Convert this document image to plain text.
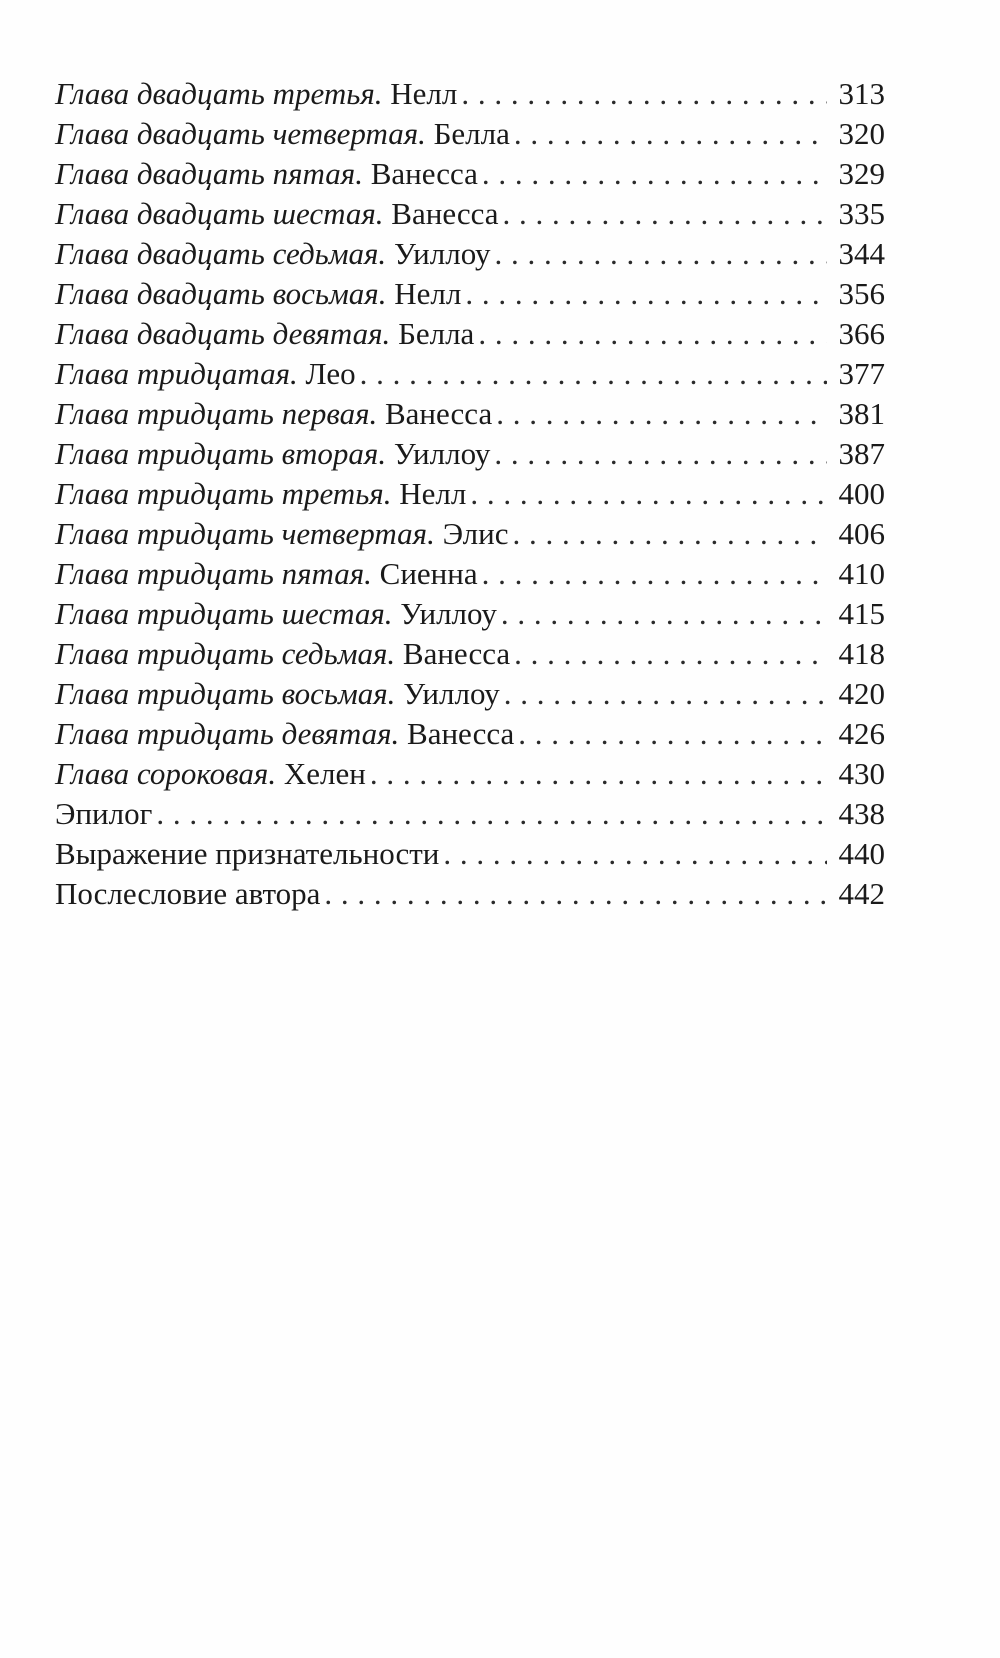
Глава двадцать третья. Нелл . . .	313
Глава двадцать четвертая. Белла . . .	320
Глава двадцать пятая. Ванесса . . .	329
Глава двадцать шестая. Ванесса . . .	335
Глава двадцать седьмая. Уиллоу . . .	344
Глава двадцать восьмая. Нелл . . .	356
Глава двадцать девятая. Белла . . .	366
Глава тридцатая. Лео . . .	377
Глава тридцать первая. Ванесса . . .	381
Глава тридцать вторая. Уиллоу . . .	387
Глава тридцать третья. Нелл . . .	400
Глава тридцать четвертая. Элис . . .	406
Глава тридцать пятая. Сиенна . . .	410
Глава тридцать шестая. Уиллоу . . .	415
Глава тридцать седьмая. Ванесса . . .	418
Глава тридцать восьмая. Уиллоу . . .	420
Глава тридцать девятая. Ванесса . . .	426
Глава сороковая. Хелен . . .	430
Эпилог . . .	438
Выражение признательности . . .	440
Послесловие автора . . .	442
